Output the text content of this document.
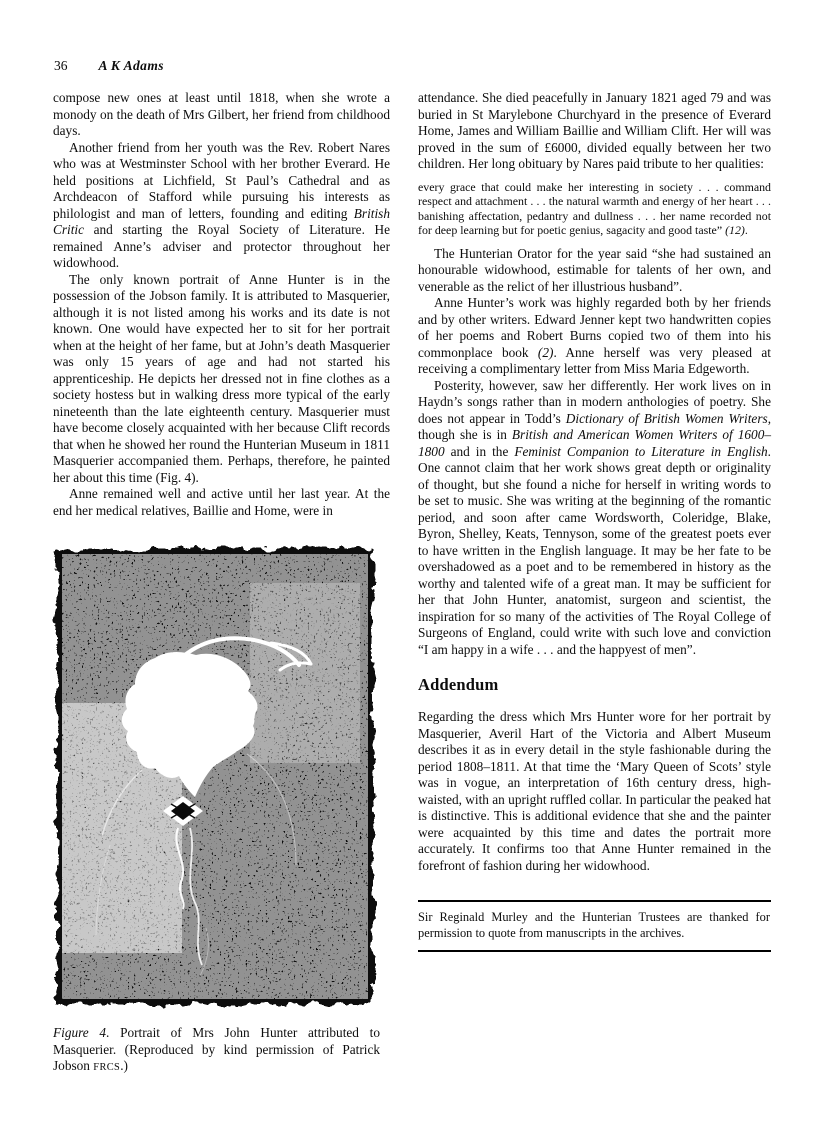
36 A K Adams

compose new ones at least until 1818, when she wrote a monody on the death of Mrs Gilbert, her friend from childhood days.

Another friend from her youth was the Rev. Robert Nares who was at Westminster School with her brother Everard. He held positions at Lichfield, St Paul’s Cathedral and as Archdeacon of Stafford while pursuing his interests as philologist and man of letters, founding and editing British Critic and starting the Royal Society of Literature. He remained Anne’s adviser and protector throughout her widowhood.

The only known portrait of Anne Hunter is in the possession of the Jobson family. It is attributed to Masquerier, although it is not listed among his works and its date is not known. One would have expected her to sit for her portrait when at the height of her fame, but at John’s death Masquerier was only 15 years of age and had not started his apprenticeship. He depicts her dressed not in fine clothes as a society hostess but in walking dress more typical of the early nineteenth than the late eighteenth century. Masquerier must have become closely acquainted with her because Clift records that when he showed her round the Hunterian Museum in 1811 Masquerier accompanied them. Perhaps, therefore, he painted her about this time (Fig. 4).

Anne remained well and active until her last year. At the end her medical relatives, Baillie and Home, were in

Figure 4. Portrait of Mrs John Hunter attributed to Masquerier. (Reproduced by kind permission of Patrick Jobson FRCS.)

attendance. She died peacefully in January 1821 aged 79 and was buried in St Marylebone Churchyard in the presence of Everard Home, James and William Baillie and William Clift. Her will was proved in the sum of £6000, divided equally between her two children. Her long obituary by Nares paid tribute to her qualities:

every grace that could make her interesting in society . . . command respect and attachment . . . the natural warmth and energy of her heart . . . banishing affectation, pedantry and dullness . . . her name recorded not for deep learning but for poetic genius, sagacity and good taste” (12).

The Hunterian Orator for the year said “she had sustained an honourable widowhood, estimable for talents of her own, and venerable as the relict of her illustrious husband”.

Anne Hunter’s work was highly regarded both by her friends and by other writers. Edward Jenner kept two handwritten copies of her poems and Robert Burns copied two of them into his commonplace book (2). Anne herself was very pleased at receiving a complimentary letter from Miss Maria Edgeworth.

Posterity, however, saw her differently. Her work lives on in Haydn’s songs rather than in modern anthologies of poetry. She does not appear in Todd’s Dictionary of British Women Writers, though she is in British and American Women Writers of 1600–1800 and in the Feminist Companion to Literature in English. One cannot claim that her work shows great depth or originality of thought, but she found a niche for herself in writing words to be set to music. She was writing at the beginning of the romantic period, and soon after came Wordsworth, Coleridge, Blake, Byron, Shelley, Keats, Tennyson, some of the greatest poets ever to have written in the English language. It may be her fate to be overshadowed as a poet and to be remembered in history as the worthy and talented wife of a great man. It may be sufficient for her that John Hunter, anatomist, surgeon and scientist, the inspiration for so many of the activities of The Royal College of Surgeons of England, could write with such love and conviction “I am happy in a wife . . . and the happyest of men”.

Addendum

Regarding the dress which Mrs Hunter wore for her portrait by Masquerier, Averil Hart of the Victoria and Albert Museum describes it as in every detail in the style fashionable during the period 1808–1811. At that time the ‘Mary Queen of Scots’ style was in vogue, an interpretation of 16th century dress, high-waisted, with an upright ruffled collar. In particular the peaked hat is distinctive. This is additional evidence that she and the painter were acquainted by this time and dates the portrait more accurately. It confirms too that Anne Hunter remained in the forefront of fashion during her widowhood.

Sir Reginald Murley and the Hunterian Trustees are thanked for permission to quote from manuscripts in the archives.
